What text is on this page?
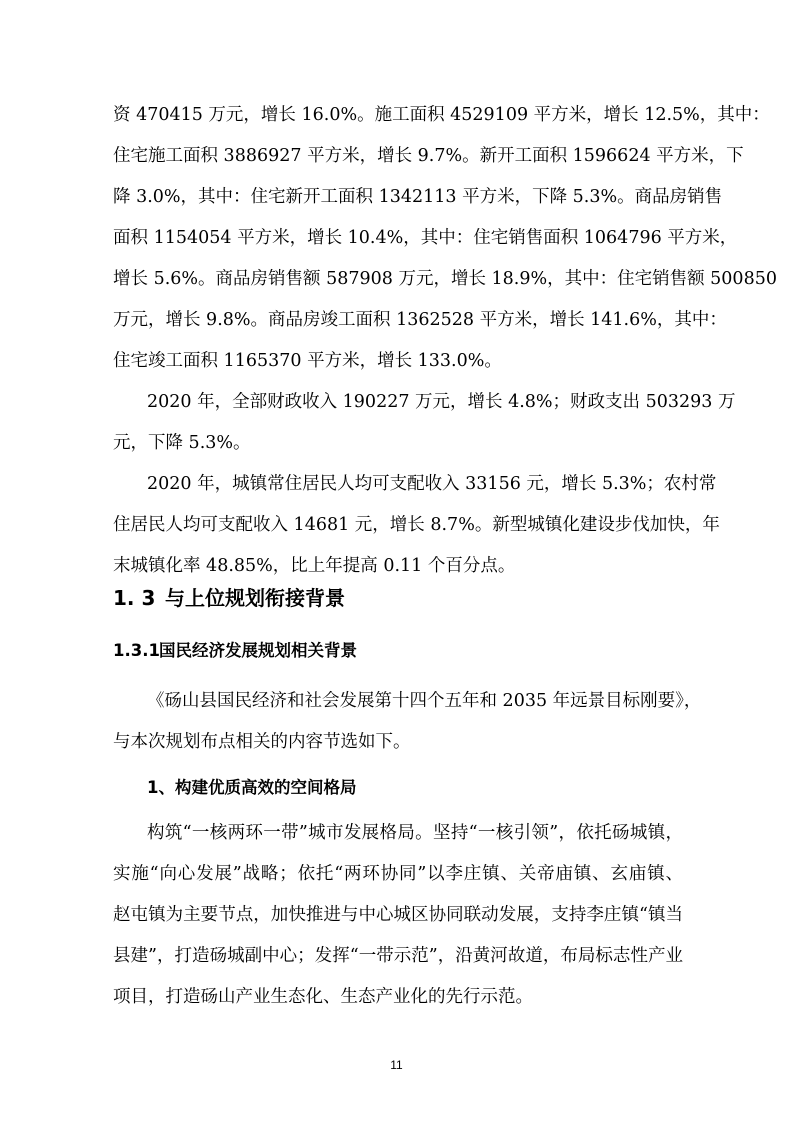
资 470415 万元，增长 16.0%。施工面积 4529109 平方米，增长 12.5%，其中：
住宅施工面积 3886927 平方米，增长 9.7%。新开工面积 1596624 平方米，下
降 3.0%，其中：住宅新开工面积 1342113 平方米，下降 5.3%。商品房销售
面积 1154054 平方米，增长 10.4%，其中：住宅销售面积 1064796 平方米，
增长 5.6%。商品房销售额 587908 万元，增长 18.9%，其中：住宅销售额 500850
万元，增长 9.8%。商品房竣工面积 1362528 平方米，增长 141.6%，其中：
住宅竣工面积 1165370 平方米，增长 133.0%。
2020 年，全部财政收入 190227 万元，增长 4.8%；财政支出 503293 万
元，下降 5.3%。
2020 年，城镇常住居民人均可支配收入 33156 元，增长 5.3%；农村常
住居民人均可支配收入 14681 元，增长 8.7%。新型城镇化建设步伐加快，年
末城镇化率 48.85%，比上年提高 0.11 个百分点。
1. 3 与上位规划衔接背景
1.3.1国民经济发展规划相关背景
《砀山县国民经济和社会发展第十四个五年和 2035 年远景目标刚要》，
与本次规划布点相关的内容节选如下。
1、构建优质高效的空间格局
构筑“一核两环一带”城市发展格局。坚持“一核引领”，依托砀城镇，
实施“向心发展”战略；依托“两环协同”以李庄镇、关帝庙镇、玄庙镇、
赵屯镇为主要节点，加快推进与中心城区协同联动发展，支持李庄镇“镇当
县建”，打造砀城副中心；发挥“一带示范”，沿黄河故道，布局标志性产业
项目，打造砀山产业生态化、生态产业化的先行示范。
11
